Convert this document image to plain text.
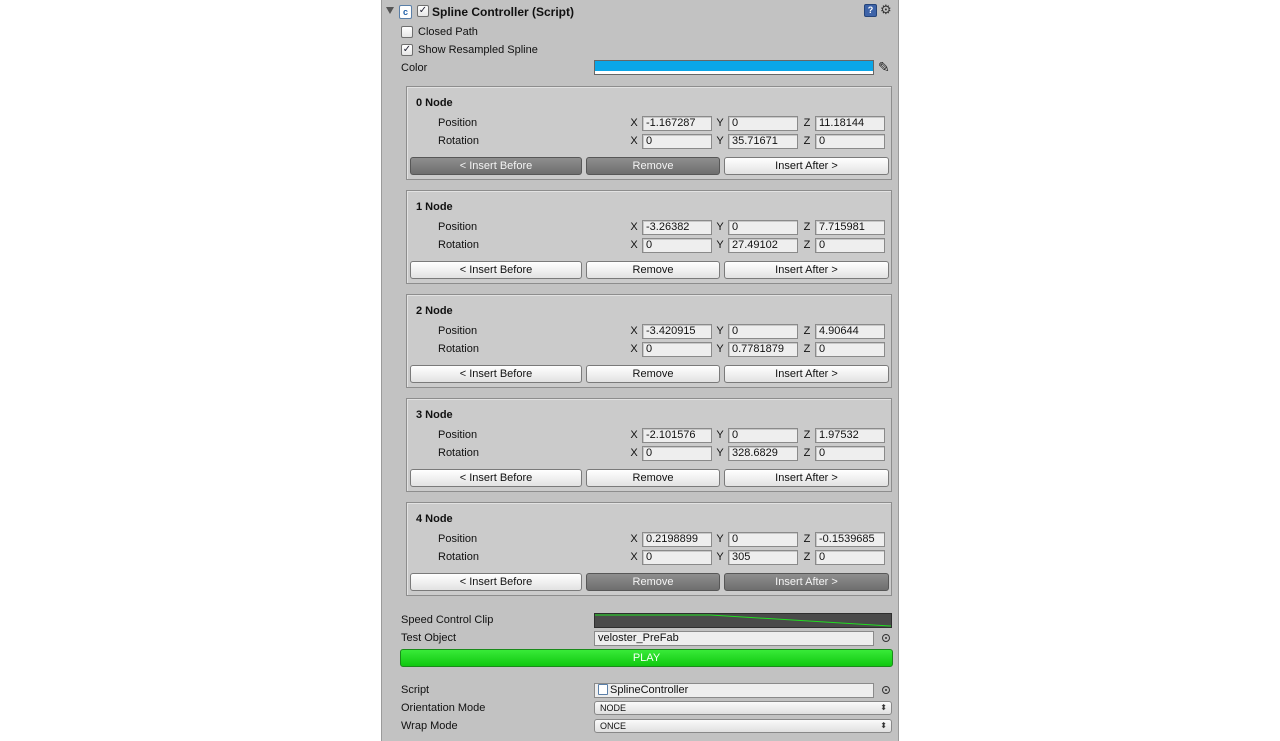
c	✓ Spline Controller (Script)	? ⚙
Closed Path
✓ Show Resampled Spline
Color	✎
0 Node
Position	X -1.167287	Y 0	Z 11.18144
Rotation	X 0	Y 35.71671	Z 0
< Insert Before	Remove	Insert After >
1 Node
Position	X -3.26382	Y 0	Z 7.715981
Rotation	X 0	Y 27.49102	Z 0
< Insert Before	Remove	Insert After >
2 Node
Position	X -3.420915	Y 0	Z 4.90644
Rotation	X 0	Y 0.7781879	Z 0
< Insert Before	Remove	Insert After >
3 Node
Position	X -2.101576	Y 0	Z 1.97532
Rotation	X 0	Y 328.6829	Z 0
< Insert Before	Remove	Insert After >
4 Node
Position	X 0.2198899	Y 0	Z -0.1539685
Rotation	X 0	Y 305	Z 0
< Insert Before	Remove	Insert After >
Speed Control Clip
Test Object	veloster_PreFab
PLAY
Script	SplineController
Orientation Mode	NODE	⬍
Wrap Mode	ONCE	⬍
